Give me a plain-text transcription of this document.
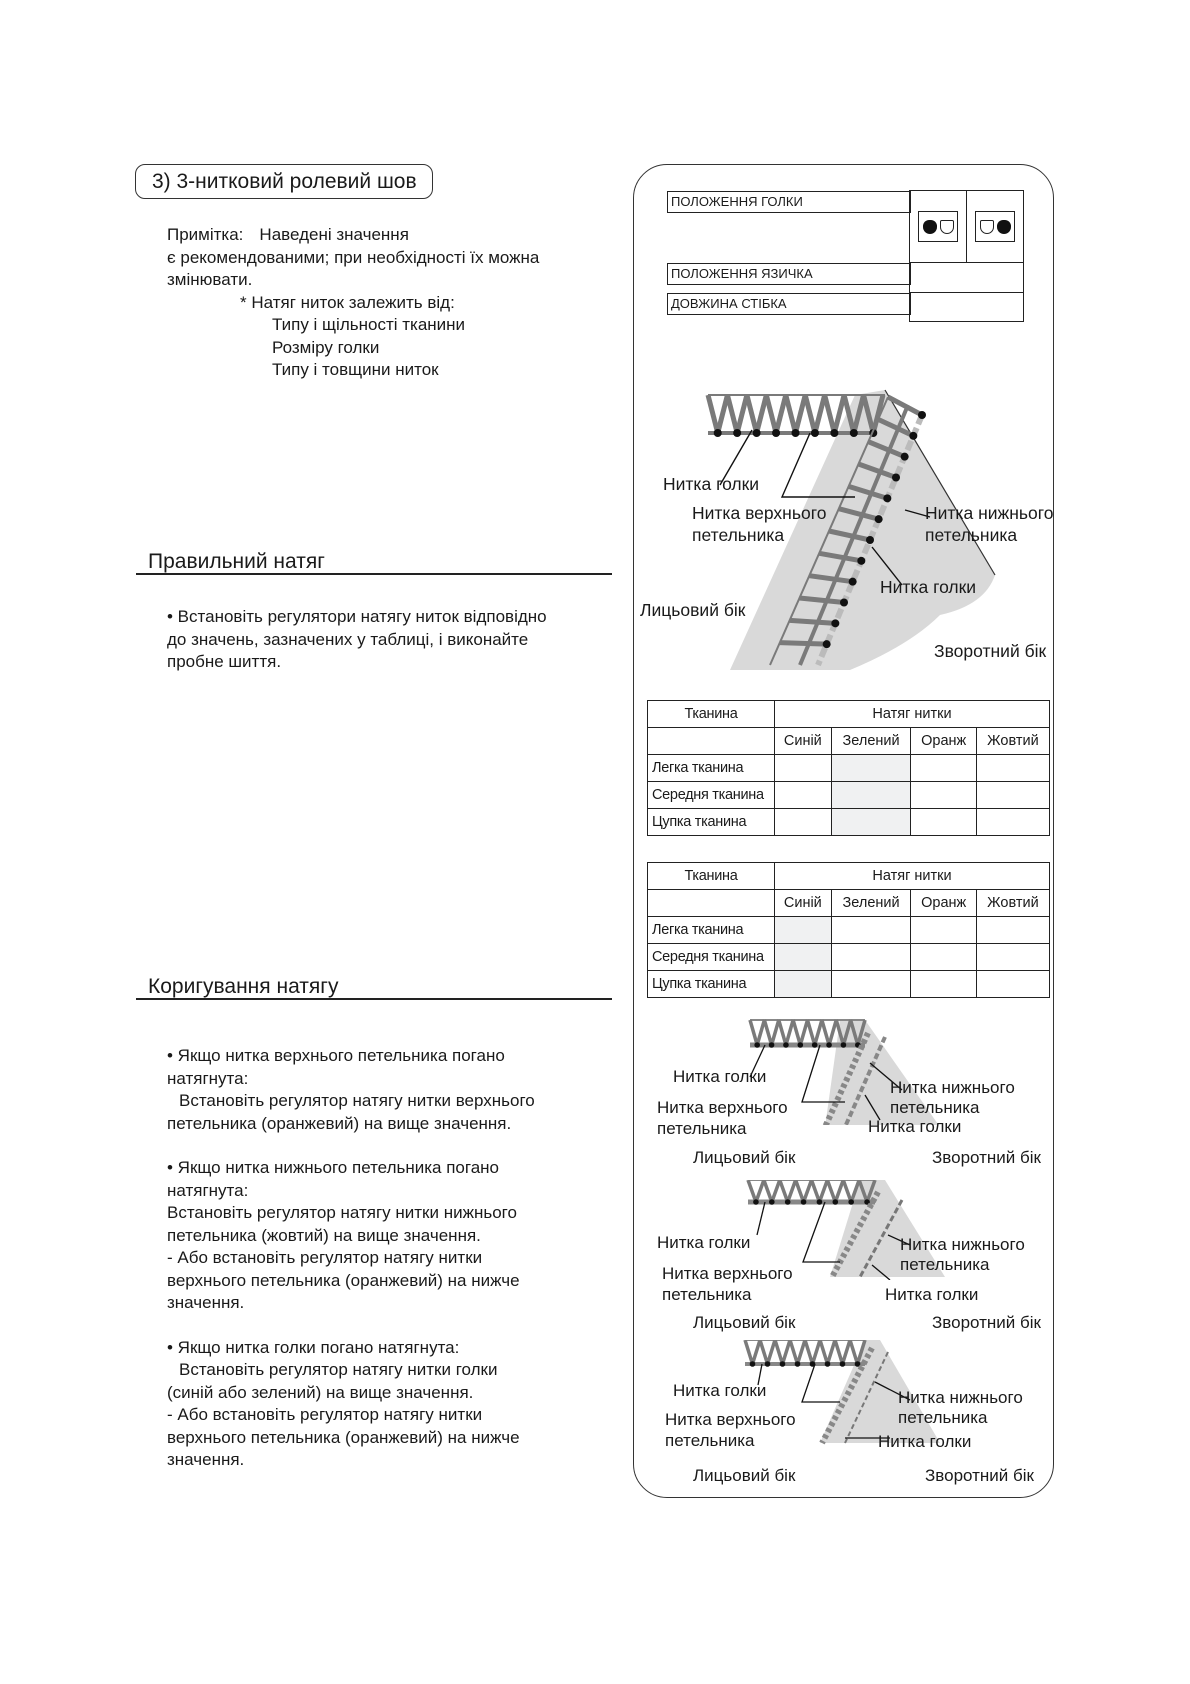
3) 3-нитковий ролевий шов

Примітка: Наведені значення

є рекомендованими; при необхідності їх можна

змінювати.

* Натяг ниток залежить від:

Типу і щільності тканини

Розміру голки

Типу і товщини ниток

Правильний натяг

• Встановіть регулятори натягу ниток відповідно

до значень, зазначених у таблиці, і виконайте

пробне шиття.

Коригування натягу

• Якщо нитка верхнього петельника погано

натягнута:

Встановіть регулятор натягу нитки верхнього

петельника (оранжевий) на вище значення.

• Якщо нитка нижнього петельника погано

натягнута:

Встановіть регулятор натягу нитки нижнього

петельника (жовтий) на вище значення.

- Або встановіть регулятор натягу нитки

верхнього петельника (оранжевий) на нижче

значення.

• Якщо нитка голки погано натягнута:

Встановіть регулятор натягу нитки голки

(синій або зелений) на вище значення.

- Або встановіть регулятор натягу нитки

верхнього петельника (оранжевий) на нижче

значення.

ПОЛОЖЕННЯ ГОЛКИ

ПОЛОЖЕННЯ ЯЗИЧКА

ДОВЖИНА СТІБКА
Нитка голки
Нитка верхнього
петельника
Нитка нижнього
петельника
Нитка голки
Лицьовий бік
Зворотний бік
Тканина	Натяг нитки			
	Синій	Зелений	Оранж	Жовтий
Легка тканина				
Середня тканина				
Цупка тканина				
Тканина	Натяг нитки			
	Синій	Зелений	Оранж	Жовтий
Легка тканина				
Середня тканина				
Цупка тканина				
Нитка голки
Нитка верхнього
петельника
Нитка нижнього
петельника
Нитка голки
Лицьовий бік	Зворотний бік
Нитка голки
Нитка верхнього
петельника
Нитка нижнього
петельника
Нитка голки
Лицьовий бік	Зворотний бік
Нитка голки
Нитка верхнього
петельника
Нитка нижнього
петельника
Нитка голки
Лицьовий бік	Зворотний бік
